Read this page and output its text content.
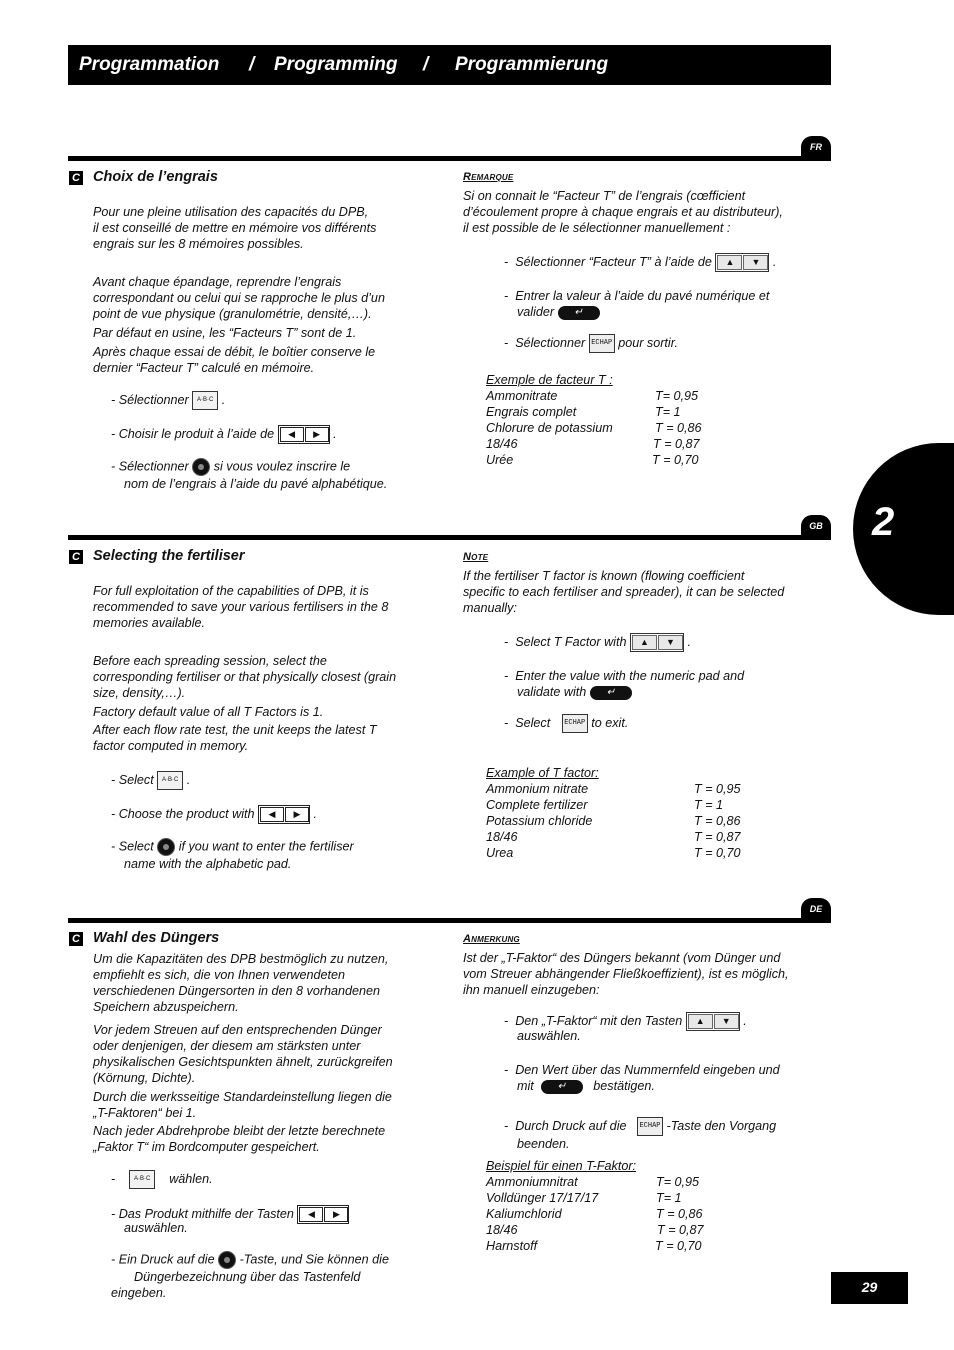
Programmation / Programming / Programmierung
2
FR
C Choix de l’engrais

Pour une pleine utilisation des capacités du DPB,

il est conseillé de mettre en mémoire vos différents

engrais sur les 8 mémoires possibles.

Avant chaque épandage, reprendre l’engrais

correspondant ou celui qui se rapproche le plus d’un

point de vue physique (granulométrie, densité,…).

Par défaut en usine, les “Facteurs T” sont de 1.

Après chaque essai de débit, le boîtier conserve le

dernier “Facteur T” calculé en mémoire.

- Sélectionner A·B·C .
- Choisir le produit à l’aide de	◀	▶	.
- Sélectionner si vous voulez inscrire le

nom de l’engrais à l’aide du pavé alphabétique.

Remarque

Si on connait le “Facteur T” de l’engrais (cœfficient

d’écoulement propre à chaque engrais et au distributeur),

il est possible de le sélectionner manuellement :

-  Sélectionner “Facteur T” à l’aide de	▲	▼ .

-  Entrer la valeur à l’aide du pavé numérique et

valider ↵

-  Sélectionner ECHAP pour sortir.
Exemple de facteur T :
Ammonitrate	T= 0,95
Engrais complet	T= 1
Chlorure de potassium	T = 0,86
18/46	T = 0,87
Urée	T = 0,70
GB
C Selecting the fertiliser

For full exploitation of the capabilities of DPB, it is

recommended to save your various fertilisers in the 8

memories available.

Before each spreading session, select the

corresponding fertiliser or that physically closest (grain

size, density,…).

Factory default value of all T Factors is 1.

After each flow rate test, the unit keeps the latest T

factor computed in memory.

- Select A·B·C .
- Choose the product with	◀	▶	.
- Select if you want to enter the fertiliser

name with the alphabetic pad.

Note

If the fertiliser T factor is known (flowing coefficient

specific to each fertiliser and spreader), it can be selected

manually:

-  Select T Factor with	▲	▼ .

-  Enter the value with the numeric pad and

validate with ↵

-  Select ECHAP to exit.
Example of T factor:
Ammonium nitrate	T = 0,95
Complete fertilizer	T = 1
Potassium chloride	T = 0,86
18/46	T = 0,87
Urea	T = 0,70
DE
C Wahl des Düngers

Um die Kapazitäten des DPB bestmöglich zu nutzen,

empfiehlt es sich, die von Ihnen verwendeten

verschiedenen Düngersorten in den 8 vorhandenen

Speichern abzuspeichern.

Vor jedem Streuen auf den entsprechenden Dünger

oder denjenigen, der diesem am stärksten unter

physikalischen Gesichtspunkten ähnelt, zurückgreifen

(Körnung, Dichte).

Durch die werksseitige Standardeinstellung liegen die

„T-Faktoren“ bei 1.

Nach jeder Abdrehprobe bleibt der letzte berechnete

„Faktor T“ im Bordcomputer gespeichert.

-	A·B·C wählen.

- Das Produkt mithilfe der Tasten	◀	▶

auswählen.

- Ein Druck auf die -Taste, und Sie können die

Düngerbezeichnung über das Tastenfeld

eingeben.

Anmerkung

Ist der „T-Faktor“ des Düngers bekannt (vom Dünger und

vom Streuer abhängender Fließkoeffizient), ist es möglich,

ihn manuell einzugeben:

-  Den „T-Faktor“ mit den Tasten	▲	▼ .

auswählen.

-  Den Wert über das Nummernfeld eingeben und

mit ↵ bestätigen.

-  Durch Druck auf die ECHAP -Taste den Vorgang

beenden.

Beispiel für einen T-Faktor:
Ammoniumnitrat	T= 0,95
Volldünger 17/17/17	T= 1
Kaliumchlorid	T = 0,86
18/46	T = 0,87
Harnstoff	T = 0,70
29
